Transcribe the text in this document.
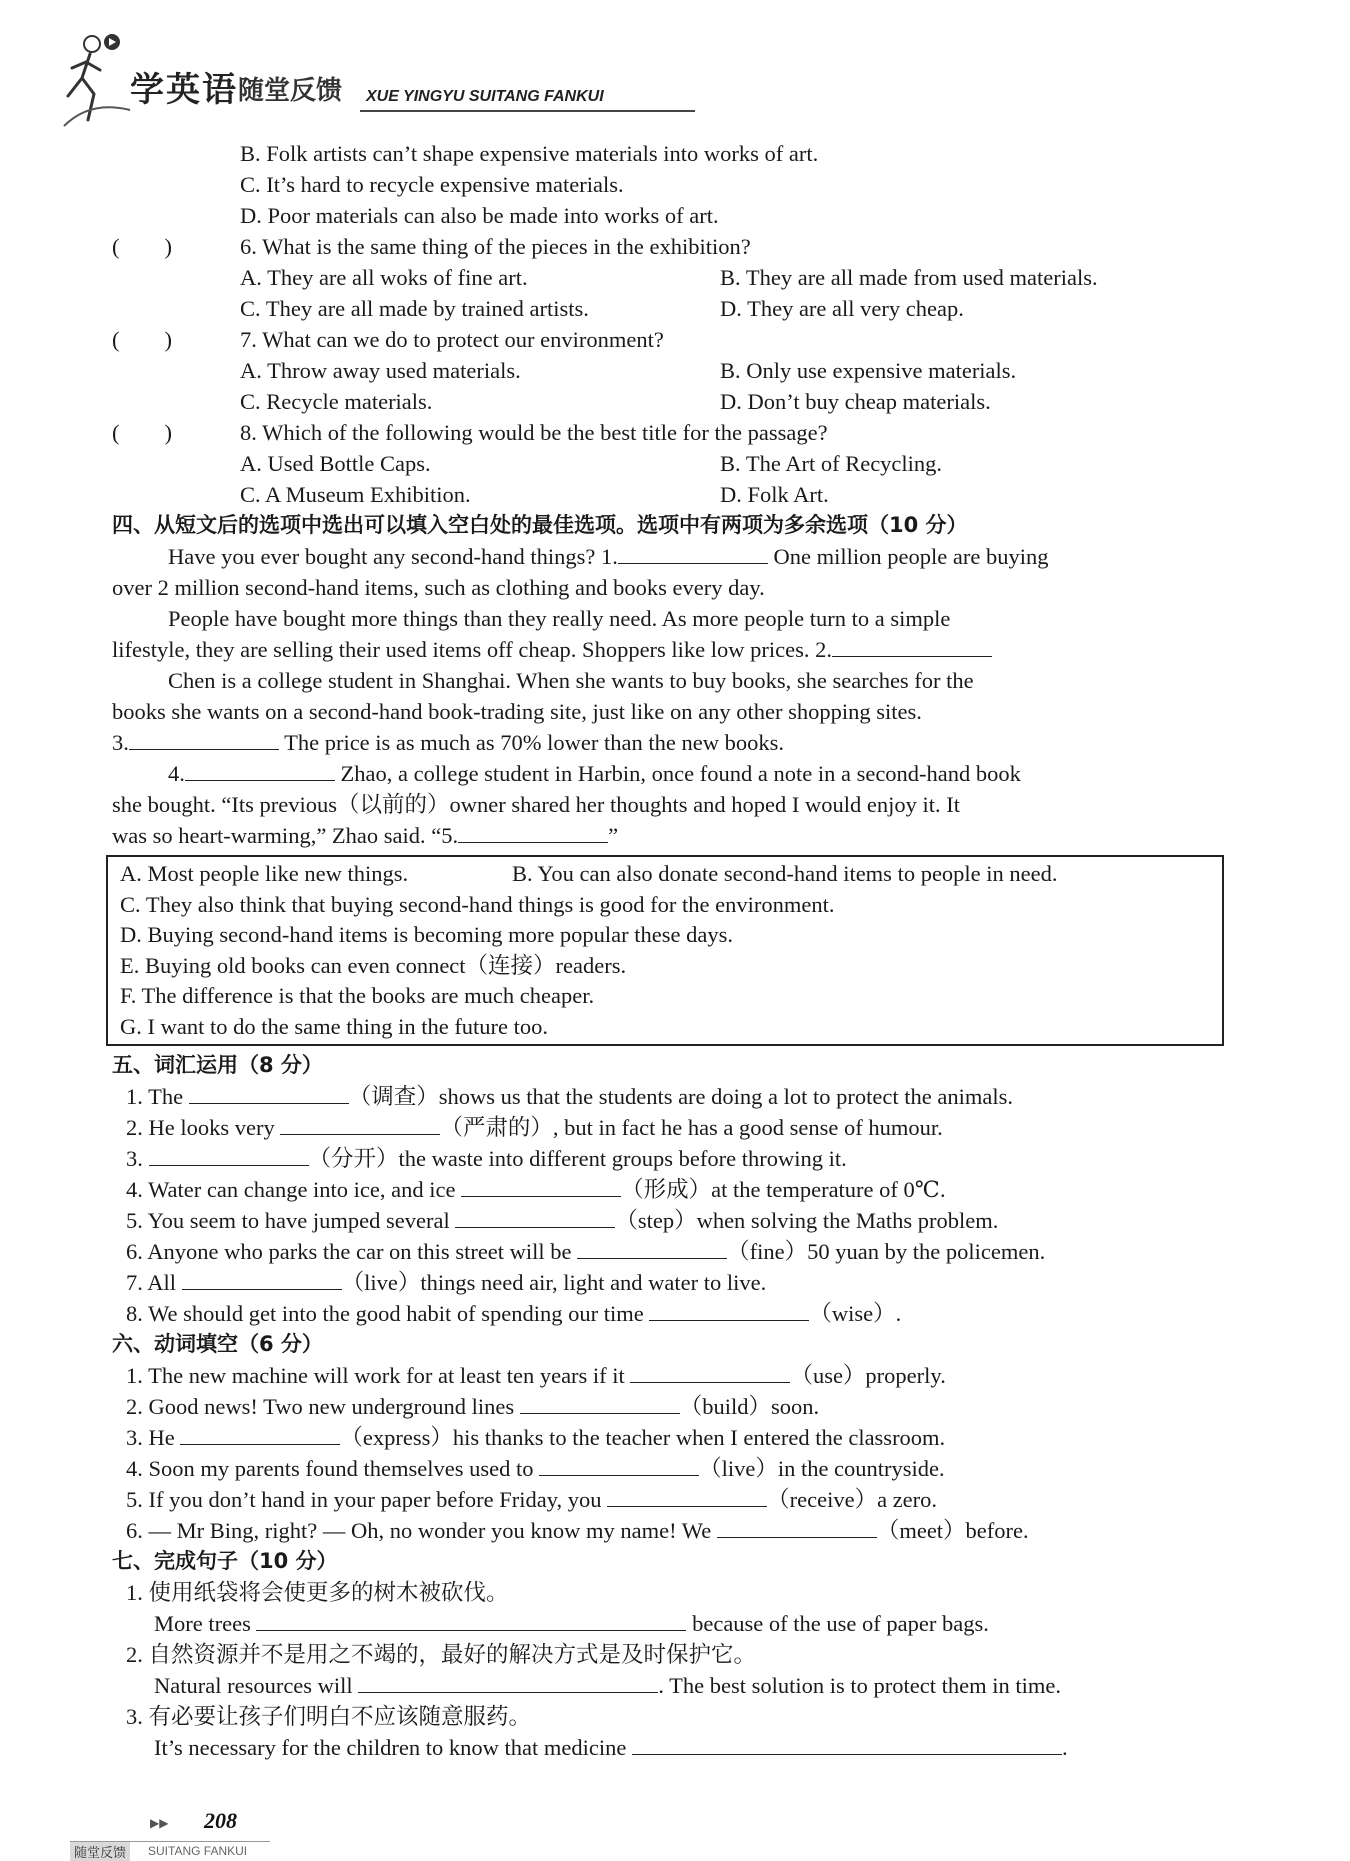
学英语 随堂反馈 XUE YINGYU SUITANG FANKUI
B. Folk artists can’t shape expensive materials into works of art.
C. It’s hard to recycle expensive materials.
D. Poor materials can also be made into works of art.
(　　)	6. What is the same thing of the pieces in the exhibition?
A. They are all woks of fine art.	B. They are all made from used materials.
C. They are all made by trained artists.	D. They are all very cheap.
(　　)	7. What can we do to protect our environment?
A. Throw away used materials.	B. Only use expensive materials.
C. Recycle materials.	D. Don’t buy cheap materials.
(　　)	8. Which of the following would be the best title for the passage?
A. Used Bottle Caps.	B. The Art of Recycling.
C. A Museum Exhibition.	D. Folk Art.
四、从短文后的选项中选出可以填入空白处的最佳选项。选项中有两项为多余选项（10 分）
Have you ever bought any second-hand things? 1.	One million people are buying
over 2 million second-hand items, such as clothing and books every day.
People have bought more things than they really need. As more people turn to a simple
lifestyle, they are selling their used items off cheap. Shoppers like low prices. 2.
Chen is a college student in Shanghai. When she wants to buy books, she searches for the
books she wants on a second-hand book-trading site, just like on any other shopping sites.
3.	The price is as much as 70% lower than the new books.
4.	Zhao, a college student in Harbin, once found a note in a second-hand book
she bought. “Its previous（以前的）owner shared her thoughts and hoped I would enjoy it. It
was so heart-warming,” Zhao said. “5.	”
A. Most people like new things.	B. You can also donate second-hand items to people in need.
C. They also think that buying second-hand things is good for the environment.
D. Buying second-hand items is becoming more popular these days.
E. Buying old books can even connect（连接）readers.
F. The difference is that the books are much cheaper.
G. I want to do the same thing in the future too.
五、词汇运用（8 分）
1. The	（调查）shows us that the students are doing a lot to protect the animals.
2. He looks very	（严肃的）, but in fact he has a good sense of humour.
3.	（分开）the waste into different groups before throwing it.
4. Water can change into ice, and ice	（形成）at the temperature of 0℃.
5. You seem to have jumped several	（step）when solving the Maths problem.
6. Anyone who parks the car on this street will be	（fine）50 yuan by the policemen.
7. All	（live）things need air, light and water to live.
8. We should get into the good habit of spending our time	（wise）.
六、动词填空（6 分）
1. The new machine will work for at least ten years if it	（use）properly.
2. Good news! Two new underground lines	（build）soon.
3. He	（express）his thanks to the teacher when I entered the classroom.
4. Soon my parents found themselves used to	（live）in the countryside.
5. If you don’t hand in your paper before Friday, you	（receive）a zero.
6. — Mr Bing, right? — Oh, no wonder you know my name! We	（meet）before.
七、完成句子（10 分）
1. 使用纸袋将会使更多的树木被砍伐。
More trees	because of the use of paper bags.
2. 自然资源并不是用之不竭的，最好的解决方式是及时保护它。
Natural resources will	. The best solution is to protect them in time.
3. 有必要让孩子们明白不应该随意服药。
It’s necessary for the children to know that medicine	.
▶▶ 208
随堂反馈	SUITANG FANKUI
